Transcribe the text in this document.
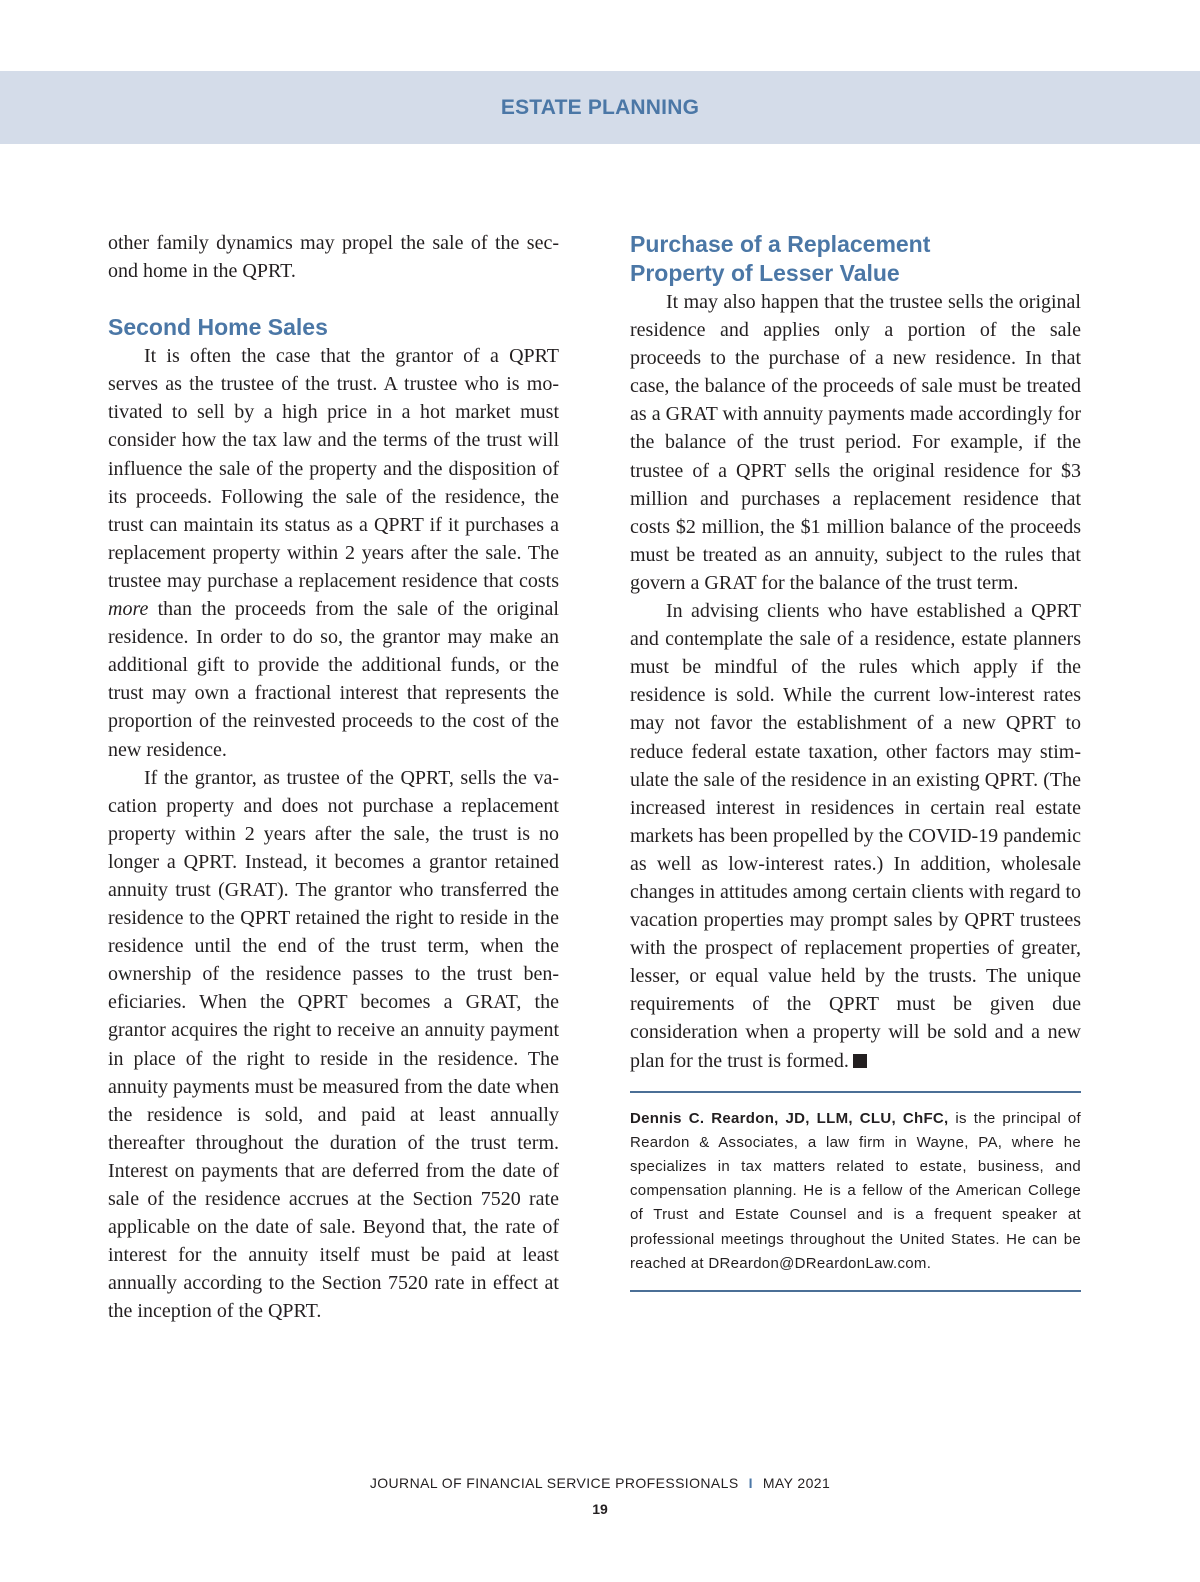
ESTATE PLANNING

other family dynamics may propel the sale of the second home in the QPRT.

Second Home Sales

It is often the case that the grantor of a QPRT serves as the trustee of the trust. A trustee who is motivated to sell by a high price in a hot market must consider how the tax law and the terms of the trust will influence the sale of the property and the disposition of its proceeds. Following the sale of the residence, the trust can maintain its status as a QPRT if it purchases a replacement property within 2 years after the sale. The trustee may purchase a replacement residence that costs more than the proceeds from the sale of the original residence. In order to do so, the grantor may make an additional gift to provide the additional funds, or the trust may own a fractional interest that represents the proportion of the reinvested proceeds to the cost of the new residence.

If the grantor, as trustee of the QPRT, sells the vacation property and does not purchase a replacement property within 2 years after the sale, the trust is no longer a QPRT. Instead, it becomes a grantor retained annuity trust (GRAT). The grantor who transferred the residence to the QPRT retained the right to reside in the residence until the end of the trust term, when the ownership of the residence passes to the trust beneficiaries. When the QPRT becomes a GRAT, the grantor acquires the right to receive an annuity payment in place of the right to reside in the residence. The annuity payments must be measured from the date when the residence is sold, and paid at least annually thereafter throughout the duration of the trust term. Interest on payments that are deferred from the date of sale of the residence accrues at the Section 7520 rate applicable on the date of sale. Beyond that, the rate of interest for the annuity itself must be paid at least annually according to the Section 7520 rate in effect at the inception of the QPRT.

Purchase of a Replacement
Property of Lesser Value

It may also happen that the trustee sells the original residence and applies only a portion of the sale proceeds to the purchase of a new residence. In that case, the balance of the proceeds of sale must be treated as a GRAT with annuity payments made accordingly for the balance of the trust period. For example, if the trustee of a QPRT sells the original residence for $3 million and purchases a replacement residence that costs $2 million, the $1 million balance of the proceeds must be treated as an annuity, subject to the rules that govern a GRAT for the balance of the trust term.

In advising clients who have established a QPRT and contemplate the sale of a residence, estate planners must be mindful of the rules which apply if the residence is sold. While the current low-interest rates may not favor the establishment of a new QPRT to reduce federal estate taxation, other factors may stimulate the sale of the residence in an existing QPRT. (The increased interest in residences in certain real estate markets has been propelled by the COVID-19 pandemic as well as low-interest rates.) In addition, wholesale changes in attitudes among certain clients with regard to vacation properties may prompt sales by QPRT trustees with the prospect of replacement properties of greater, lesser, or equal value held by the trusts. The unique requirements of the QPRT must be given due consideration when a property will be sold and a new plan for the trust is formed.

Dennis C. Reardon, JD, LLM, CLU, ChFC, is the principal of Reardon & Associates, a law firm in Wayne, PA, where he specializes in tax matters related to estate, business, and compensation planning. He is a fellow of the American College of Trust and Estate Counsel and is a frequent speaker at professional meetings throughout the United States. He can be reached at DReardon@DReardonLaw.com.

JOURNAL OF FINANCIAL SERVICE PROFESSIONALS I MAY 2021
19
